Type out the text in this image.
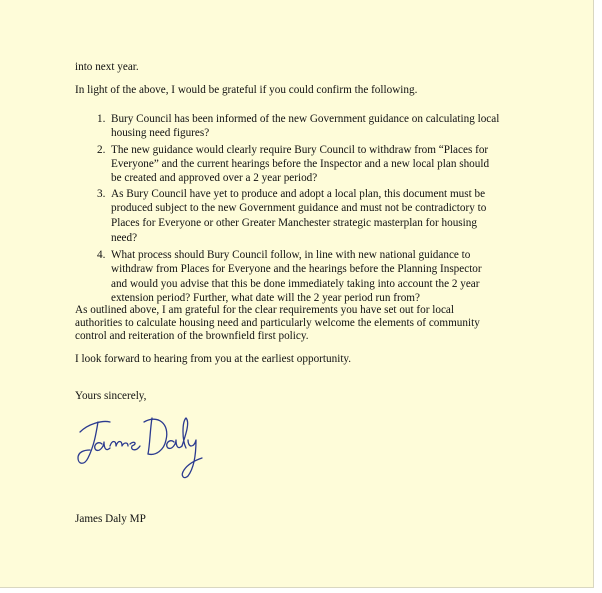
into next year.

In light of the above, I would be grateful if you could confirm the following.

1. Bury Council has been informed of the new Government guidance on calculating local

housing need figures?

2. The new guidance would clearly require Bury Council to withdraw from “Places for

Everyone” and the current hearings before the Inspector and a new local plan should

be created and approved over a 2 year period?

3. As Bury Council have yet to produce and adopt a local plan, this document must be

produced subject to the new Government guidance and must not be contradictory to

Places for Everyone or other Greater Manchester strategic masterplan for housing

need?

4. What process should Bury Council follow, in line with new national guidance to

withdraw from Places for Everyone and the hearings before the Planning Inspector

and would you advise that this be done immediately taking into account the 2 year

extension period? Further, what date will the 2 year period run from?

As outlined above, I am grateful for the clear requirements you have set out for local

authorities to calculate housing need and particularly welcome the elements of community

control and reiteration of the brownfield first policy.

I look forward to hearing from you at the earliest opportunity.

Yours sincerely,

James Daly MP
